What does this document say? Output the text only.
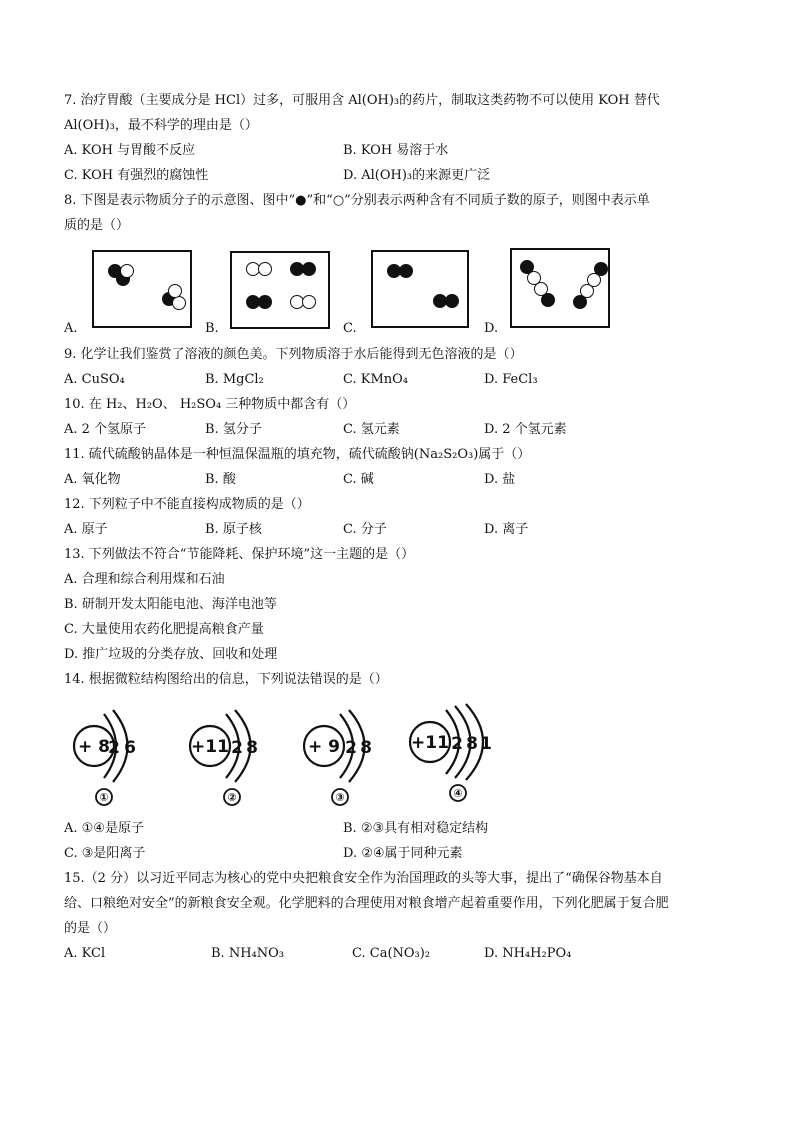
7. 治疗胃酸（主要成分是 HCl）过多，可服用含 Al(OH)₃的药片，制取这类药物不可以使用 KOH 替代
Al(OH)₃，最不科学的理由是（）
A. KOH 与胃酸不反应	B. KOH 易溶于水
C. KOH 有强烈的腐蚀性	D. Al(OH)₃的来源更广泛
8. 下图是表示物质分子的示意图、图中“●”和“○”分别表示两种含有不同质子数的原子，则图中表示单
质的是（）
A.	B.	C.	D.
9. 化学让我们鉴赏了溶液的颜色美。下列物质溶于水后能得到无色溶液的是（）
A. CuSO₄	B. MgCl₂	C. KMnO₄	D. FeCl₃
10. 在 H₂、H₂O、 H₂SO₄ 三种物质中都含有（）
A. 2 个氢原子	B. 氢分子	C. 氢元素	D. 2 个氢元素
11. 硫代硫酸钠晶体是一种恒温保温瓶的填充物，硫代硫酸钠(Na₂S₂O₃)属于（）
A. 氧化物	B. 酸	C. 碱	D. 盐
12. 下列粒子中不能直接构成物质的是（）
A. 原子	B. 原子核	C. 分子	D. 离子
13. 下列做法不符合“节能降耗、保护环境”这一主题的是（）
A. 合理和综合利用煤和石油
B. 研制开发太阳能电池、海洋电池等
C. 大量使用农药化肥提高粮食产量
D. 推广垃圾的分类存放、回收和处理
14. 根据微粒结构图给出的信息，下列说法错误的是（）
+ 8
2 6	+11 2 8	+ 9 2 8 +11 2 8 1
①	②	③	④
A. ①④是原子	B. ②③具有相对稳定结构
C. ③是阳离子	D. ②④属于同种元素
15.（2 分）以习近平同志为核心的党中央把粮食安全作为治国理政的头等大事，提出了“确保谷物基本自
给、口粮绝对安全”的新粮食安全观。化学肥料的合理使用对粮食增产起着重要作用，下列化肥属于复合肥
的是（）
A. KCl	B. NH₄NO₃	C. Ca(NO₃)₂	D. NH₄H₂PO₄
